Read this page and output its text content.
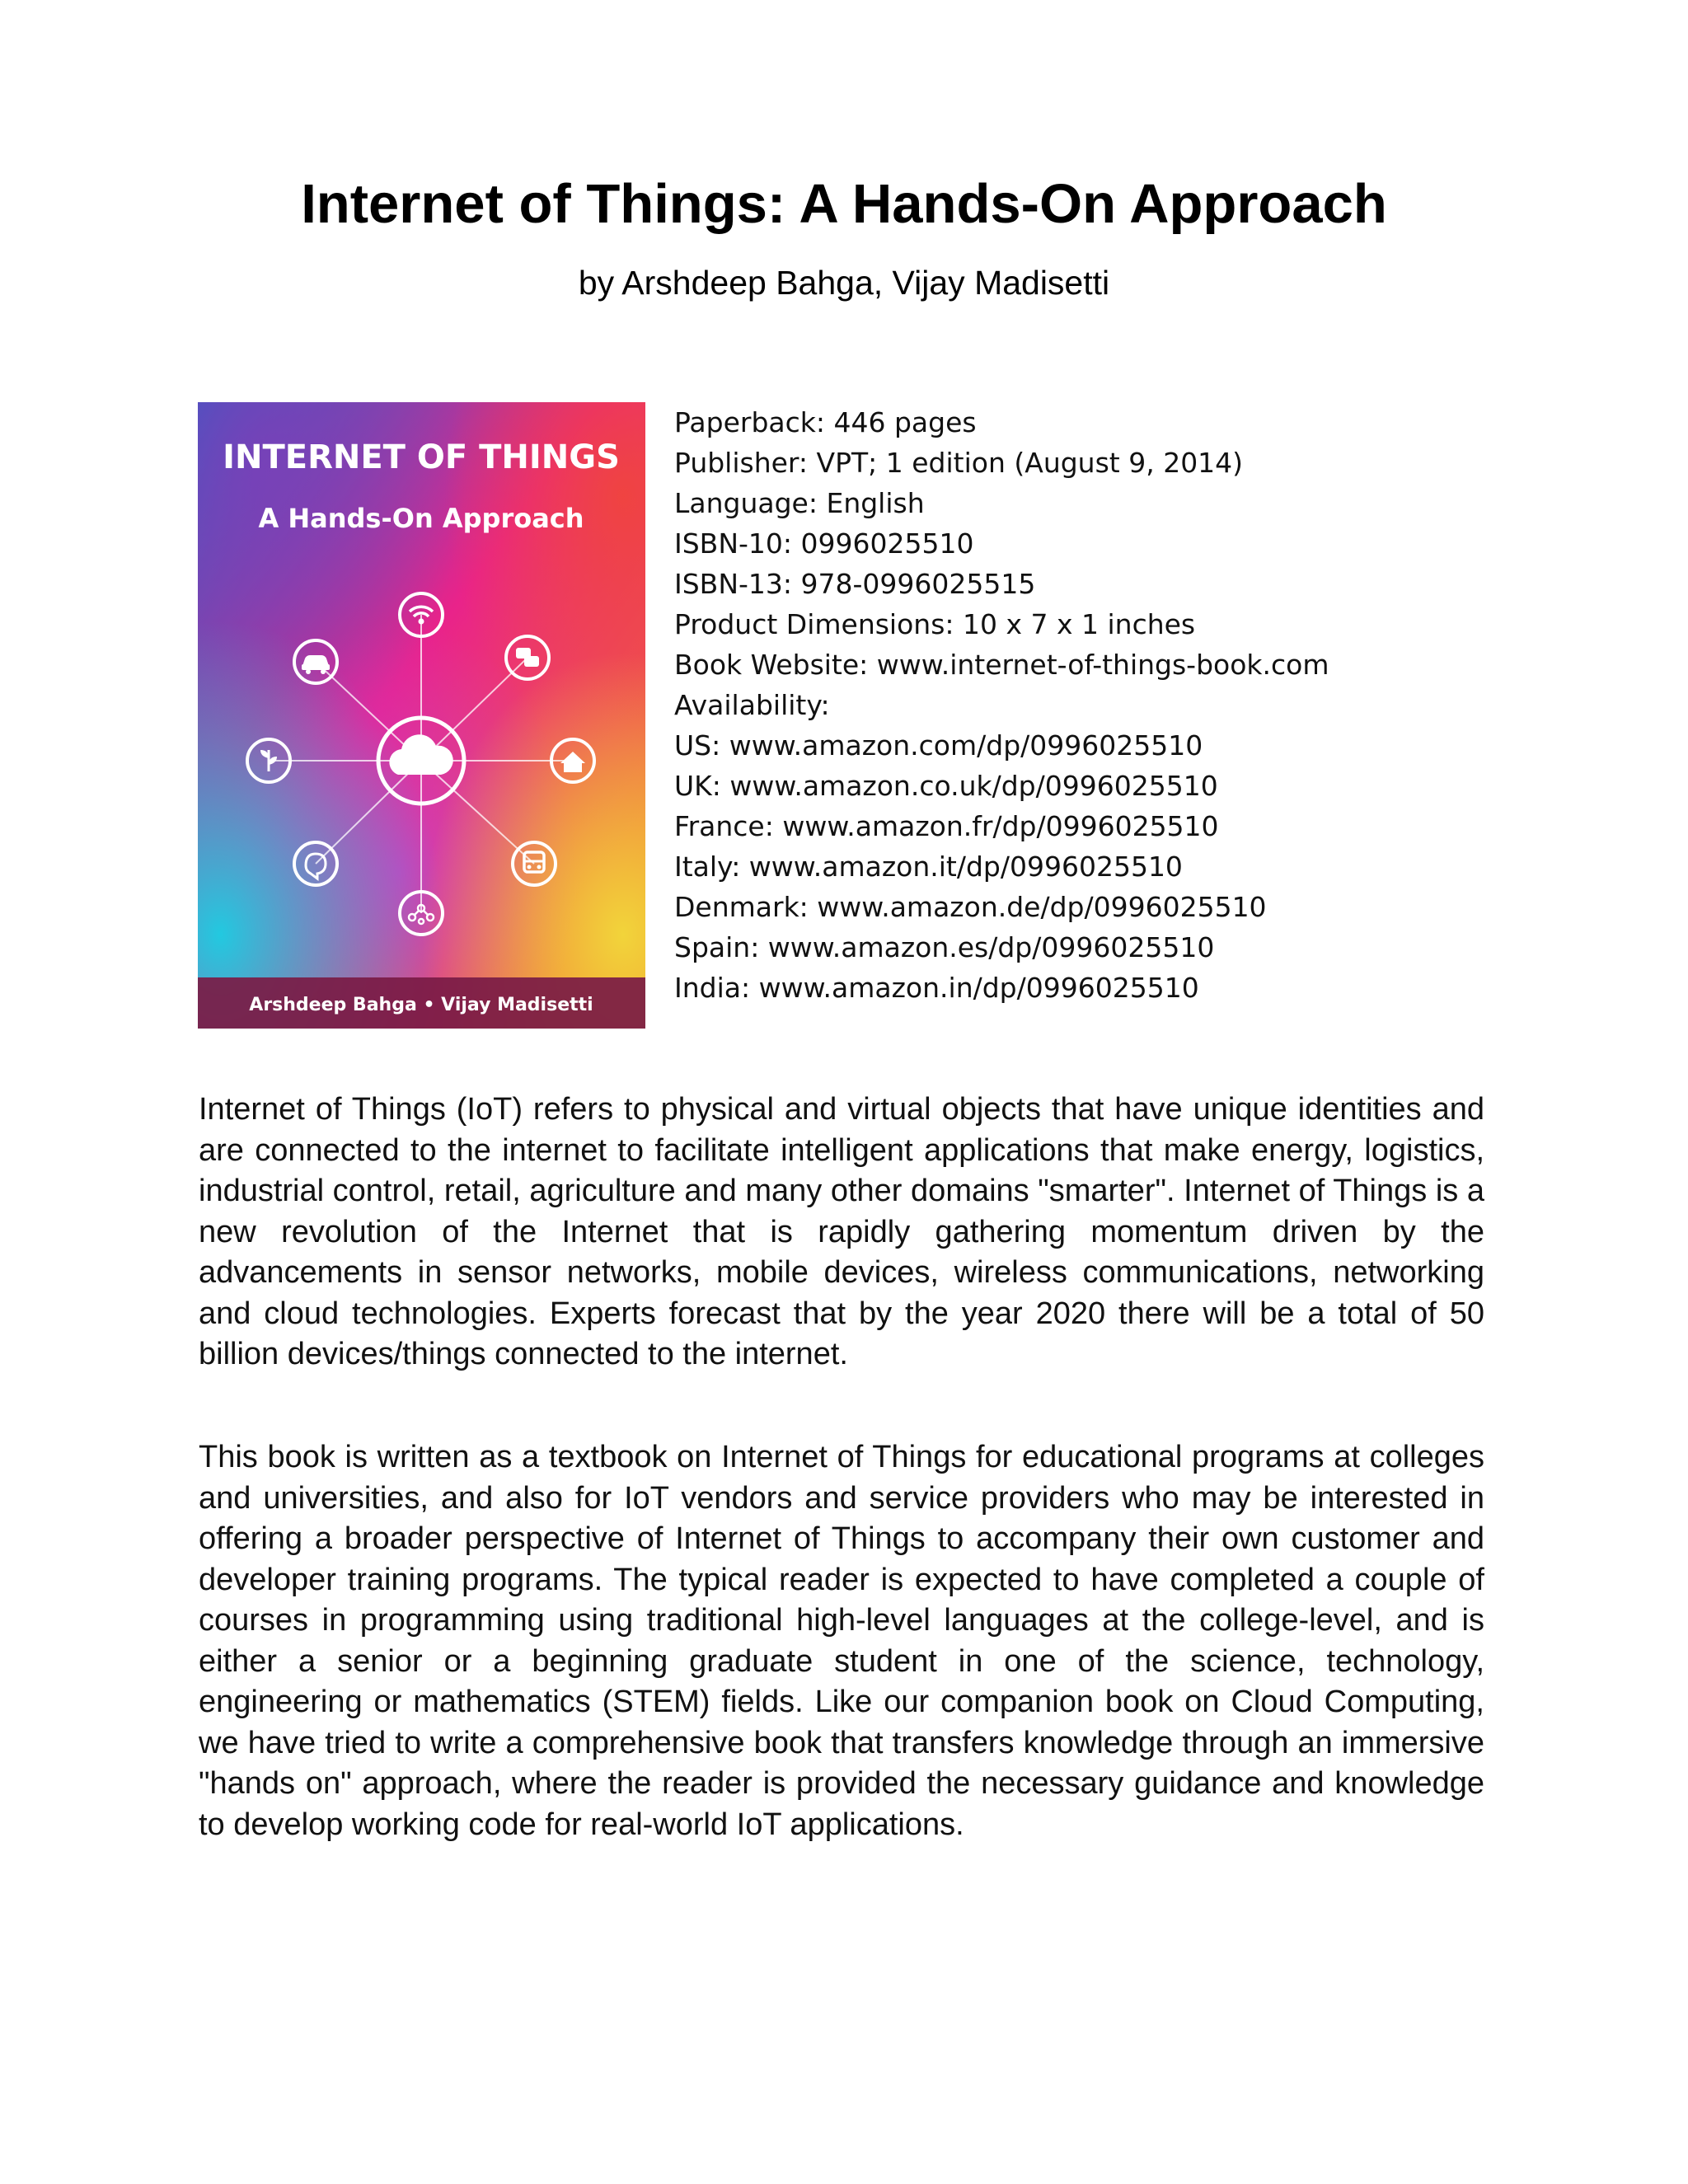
Internet of Things: A Hands-On Approach
by Arshdeep Bahga, Vijay Madisetti
INTERNET OF THINGS
A Hands-On Approach
Arshdeep Bahga • Vijay Madisetti
Paperback: 446 pages
Publisher: VPT; 1 edition (August 9, 2014)
Language: English
ISBN-10: 0996025510
ISBN-13: 978-0996025515
Product Dimensions: 10 x 7 x 1 inches
Book Website: www.internet-of-things-book.com
Availability:
US: www.amazon.com/dp/0996025510
UK: www.amazon.co.uk/dp/0996025510
France: www.amazon.fr/dp/0996025510
Italy: www.amazon.it/dp/0996025510
Denmark: www.amazon.de/dp/0996025510
Spain: www.amazon.es/dp/0996025510
India: www.amazon.in/dp/0996025510
Internet of Things (IoT) refers to physical and virtual objects that have unique identities and are connected to the internet to facilitate intelligent applications that make energy, logistics, industrial control, retail, agriculture and many other domains "smarter". Internet of Things is a new revolution of the Internet that is rapidly gathering momentum driven by the advancements in sensor networks, mobile devices, wireless communications, networking and cloud technologies. Experts forecast that by the year 2020 there will be a total of 50 billion devices/things connected to the internet.
This book is written as a textbook on Internet of Things for educational programs at colleges and universities, and also for IoT vendors and service providers who may be interested in offering a broader perspective of Internet of Things to accompany their own customer and developer training programs. The typical reader is expected to have completed a couple of courses in programming using traditional high-level languages at the college-level, and is either a senior or a beginning graduate student in one of the science, technology, engineering or mathematics (STEM) fields. Like our companion book on Cloud Computing, we have tried to write a comprehensive book that transfers knowledge through an immersive "hands on" approach, where the reader is provided the necessary guidance and knowledge to develop working code for real-world IoT applications.
